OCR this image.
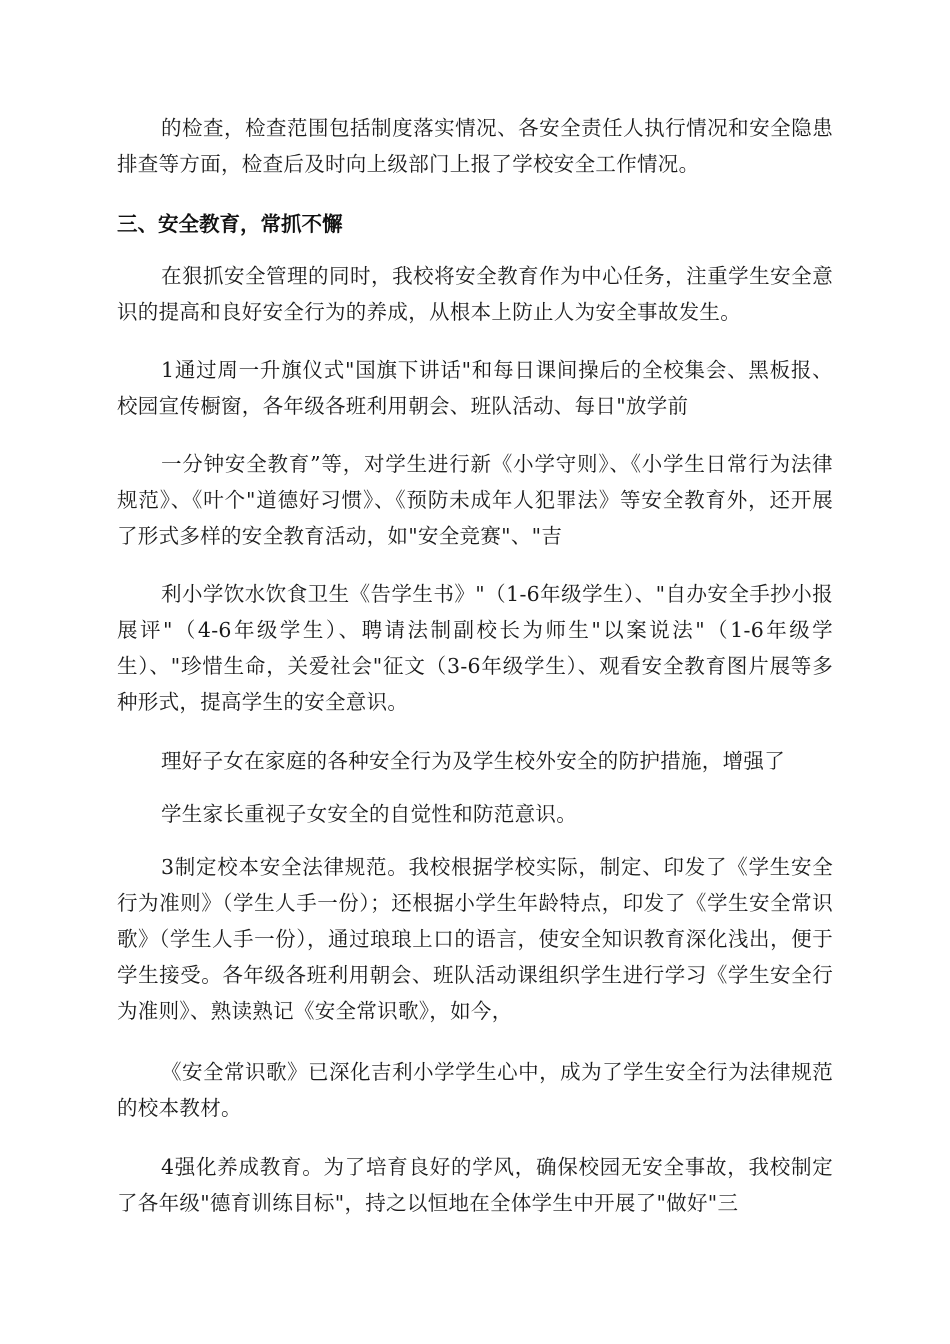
的检查，检查范围包括制度落实情况、各安全责任人执行情况和安全隐患排查等方面，检查后及时向上级部门上报了学校安全工作情况。

三、安全教育，常抓不懈

在狠抓安全管理的同时，我校将安全教育作为中心任务，注重学生安全意识的提高和良好安全行为的养成，从根本上防止人为安全事故发生。

1通过周一升旗仪式"国旗下讲话"和每日课间操后的全校集会、黑板报、校园宣传橱窗，各年级各班利用朝会、班队活动、每日"放学前

一分钟安全教育”等，对学生进行新《小学守则》、《小学生日常行为法律规范》、《叶个"道德好习惯》、《预防未成年人犯罪法》等安全教育外，还开展了形式多样的安全教育活动，如"安全竞赛"、"吉

利小学饮水饮食卫生《告学生书》"（1-6年级学生）、"自办安全手抄小报展评"（4-6年级学生）、聘请法制副校长为师生"以案说法"（1-6年级学生）、"珍惜生命，关爱社会"征文（3-6年级学生）、观看安全教育图片展等多种形式，提高学生的安全意识。

理好子女在家庭的各种安全行为及学生校外安全的防护措施，增强了

学生家长重视子女安全的自觉性和防范意识。

3制定校本安全法律规范。我校根据学校实际，制定、印发了《学生安全行为准则》（学生人手一份）；还根据小学生年龄特点，印发了《学生安全常识歌》（学生人手一份），通过琅琅上口的语言，使安全知识教育深化浅出，便于学生接受。各年级各班利用朝会、班队活动课组织学生进行学习《学生安全行为准则》、熟读熟记《安全常识歌》，如今，

《安全常识歌》已深化吉利小学学生心中，成为了学生安全行为法律规范的校本教材。

4强化养成教育。为了培育良好的学风，确保校园无安全事故，我校制定了各年级"德育训练目标"，持之以恒地在全体学生中开展了"做好"三
